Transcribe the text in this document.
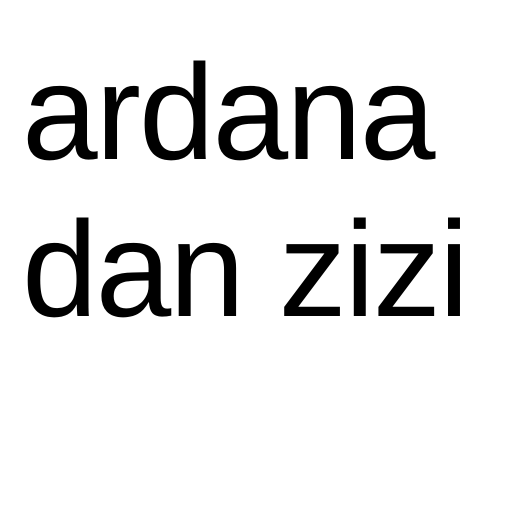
ardana

dan zizi
